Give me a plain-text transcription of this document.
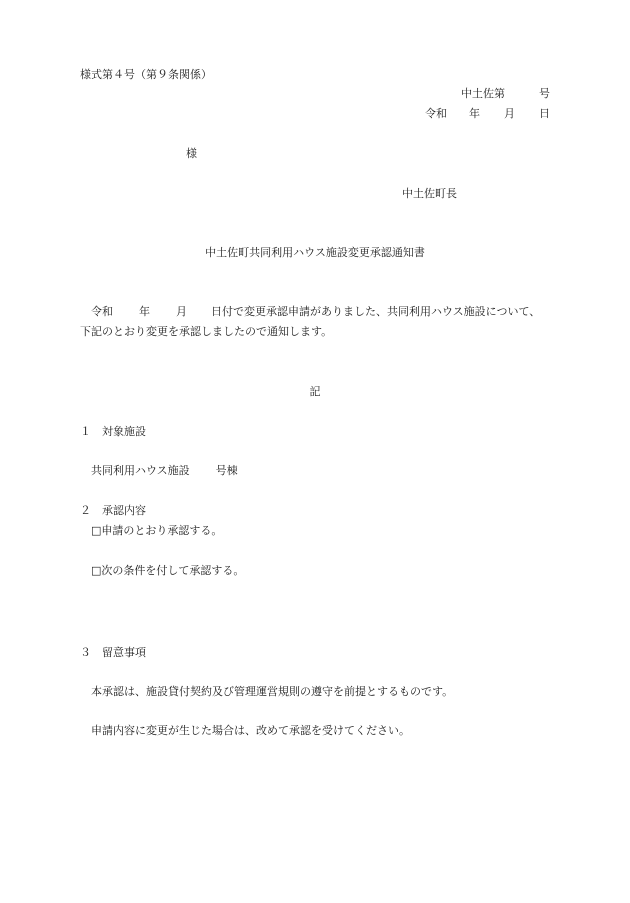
様式第４号（第９条関係）
中土佐第	号
令和 年 月 日
様
中土佐町長
中土佐町共同利用ハウス施設変更承認通知書
令和 年 月 日付で変更承認申請がありました、共同利用ハウス施設について、
下記のとおり変更を承認しましたので通知します。
記
１　対象施設
共同利用ハウス施設 号棟
２　承認内容
□申請のとおり承認する。
□次の条件を付して承認する。
３　留意事項
本承認は、施設貸付契約及び管理運営規則の遵守を前提とするものです。
申請内容に変更が生じた場合は、改めて承認を受けてください。
